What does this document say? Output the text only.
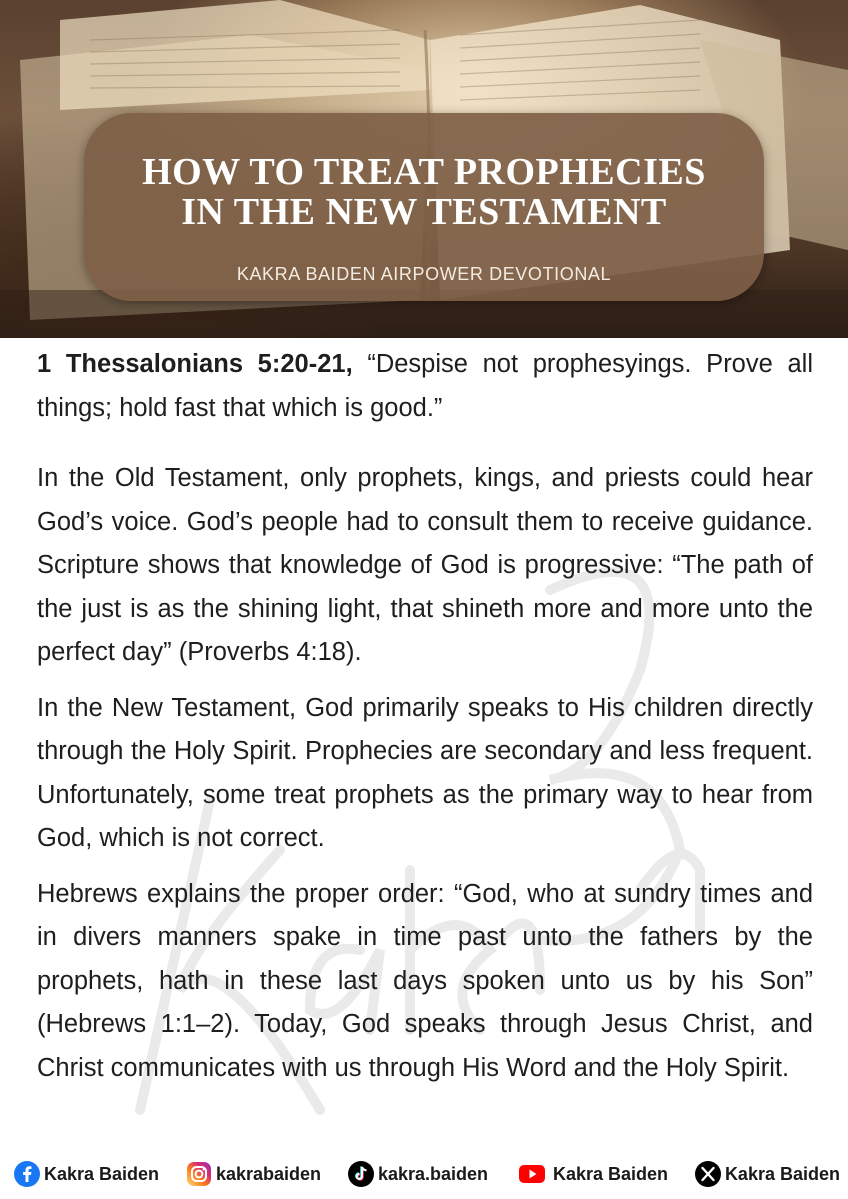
HOW TO TREAT PROPHECIES
IN THE NEW TESTAMENT
KAKRA BAIDEN AIRPOWER DEVOTIONAL

1 Thessalonians 5:20-21, “Despise not prophesyings. Prove all things; hold fast that which is good.”

In the Old Testament, only prophets, kings, and priests could hear God’s voice. God’s people had to consult them to receive guidance. Scripture shows that knowledge of God is progressive: “The path of the just is as the shining light, that shineth more and more unto the perfect day” (Proverbs 4:18).

In the New Testament, God primarily speaks to His children directly through the Holy Spirit. Prophecies are secondary and less frequent. Unfortunately, some treat prophets as the primary way to hear from God, which is not correct.

Hebrews explains the proper order: “God, who at sundry times and in divers manners spake in time past unto the fathers by the prophets, hath in these last days spoken unto us by his Son” (Hebrews 1:1–2). Today, God speaks through Jesus Christ, and Christ communicates with us through His Word and the Holy Spirit.

Kakra Baiden	kakrabaiden	kakra.baiden	Kakra Baiden	Kakra Baiden
